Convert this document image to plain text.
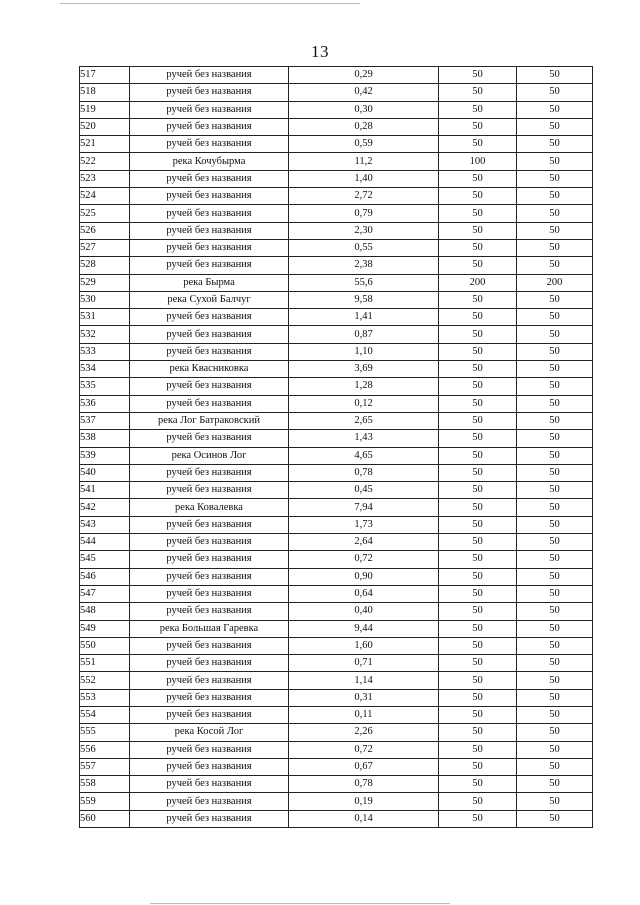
13
517	ручей без названия	0,29	50	50
518	ручей без названия	0,42	50	50
519	ручей без названия	0,30	50	50
520	ручей без названия	0,28	50	50
521	ручей без названия	0,59	50	50
522	река Кочубырма	11,2	100	50
523	ручей без названия	1,40	50	50
524	ручей без названия	2,72	50	50
525	ручей без названия	0,79	50	50
526	ручей без названия	2,30	50	50
527	ручей без названия	0,55	50	50
528	ручей без названия	2,38	50	50
529	река Бырма	55,6	200	200
530	река Сухой Балчуг	9,58	50	50
531	ручей без названия	1,41	50	50
532	ручей без названия	0,87	50	50
533	ручей без названия	1,10	50	50
534	река Квасниковка	3,69	50	50
535	ручей без названия	1,28	50	50
536	ручей без названия	0,12	50	50
537	река Лог Батраковский	2,65	50	50
538	ручей без названия	1,43	50	50
539	река Осинов Лог	4,65	50	50
540	ручей без названия	0,78	50	50
541	ручей без названия	0,45	50	50
542	река Ковалевка	7,94	50	50
543	ручей без названия	1,73	50	50
544	ручей без названия	2,64	50	50
545	ручей без названия	0,72	50	50
546	ручей без названия	0,90	50	50
547	ручей без названия	0,64	50	50
548	ручей без названия	0,40	50	50
549	река Большая Гаревка	9,44	50	50
550	ручей без названия	1,60	50	50
551	ручей без названия	0,71	50	50
552	ручей без названия	1,14	50	50
553	ручей без названия	0,31	50	50
554	ручей без названия	0,11	50	50
555	река Косой Лог	2,26	50	50
556	ручей без названия	0,72	50	50
557	ручей без названия	0,67	50	50
558	ручей без названия	0,78	50	50
559	ручей без названия	0,19	50	50
560	ручей без названия	0,14	50	50
